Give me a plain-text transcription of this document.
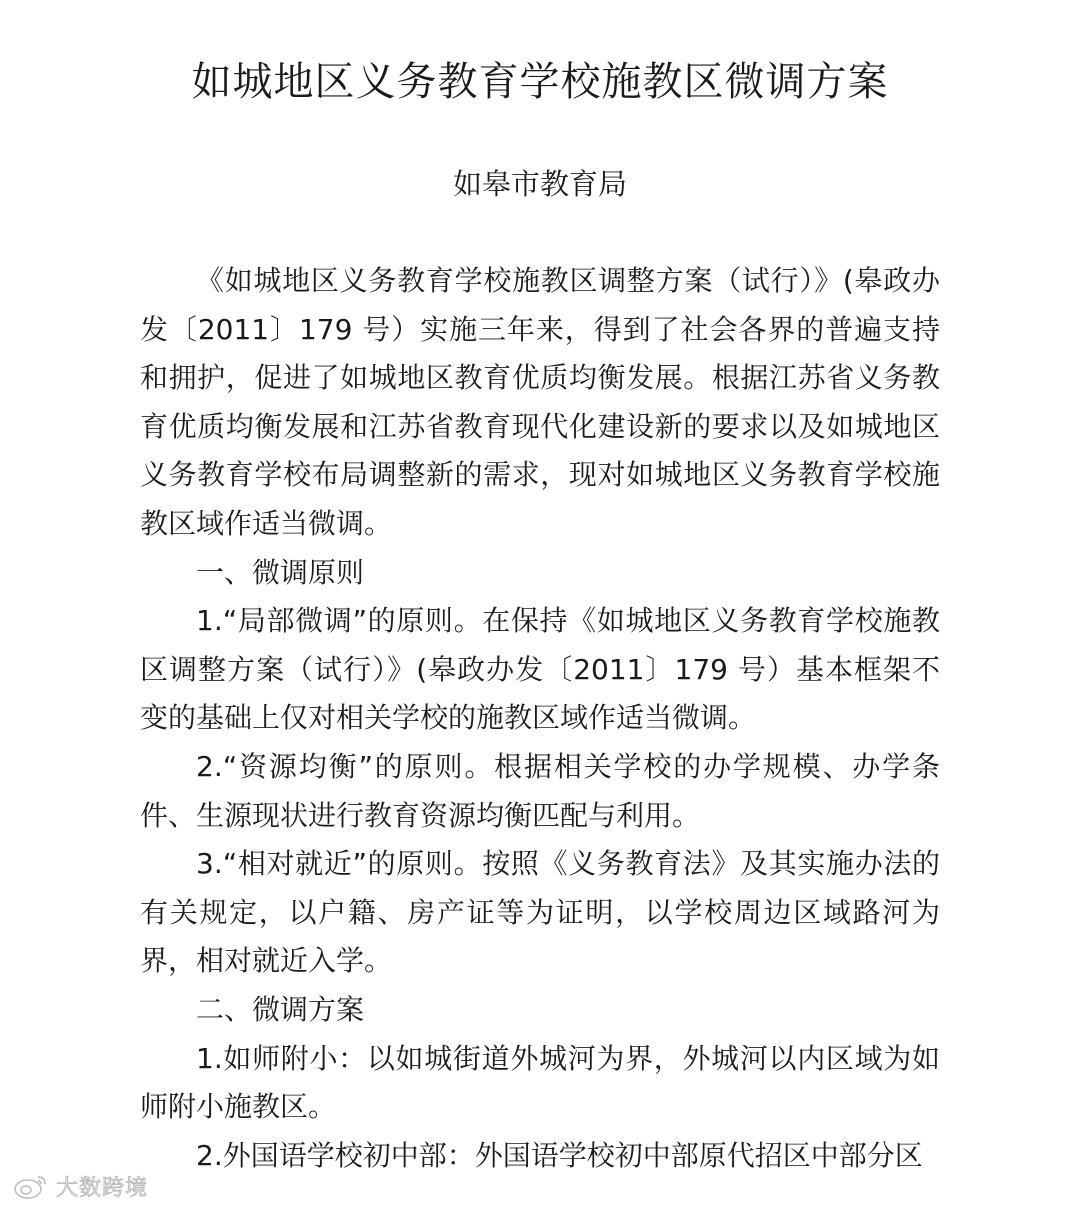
如城地区义务教育学校施教区微调方案
如皋市教育局

《如城地区义务教育学校施教区调整方案（试行）》(皋政办发〔2011〕179 号）实施三年来，得到了社会各界的普遍支持和拥护，促进了如城地区教育优质均衡发展。根据江苏省义务教育优质均衡发展和江苏省教育现代化建设新的要求以及如城地区义务教育学校布局调整新的需求，现对如城地区义务教育学校施教区域作适当微调。

一、微调原则

1.“局部微调”的原则。在保持《如城地区义务教育学校施教区调整方案（试行）》(皋政办发〔2011〕179 号）基本框架不变的基础上仅对相关学校的施教区域作适当微调。

2.“资源均衡”的原则。根据相关学校的办学规模、办学条件、生源现状进行教育资源均衡匹配与利用。

3.“相对就近”的原则。按照《义务教育法》及其实施办法的有关规定，以户籍、房产证等为证明，以学校周边区域路河为界，相对就近入学。

二、微调方案

1.如师附小：以如城街道外城河为界，外城河以内区域为如师附小施教区。

2.外国语学校初中部：外国语学校初中部原代招区中部分区

大数跨境
